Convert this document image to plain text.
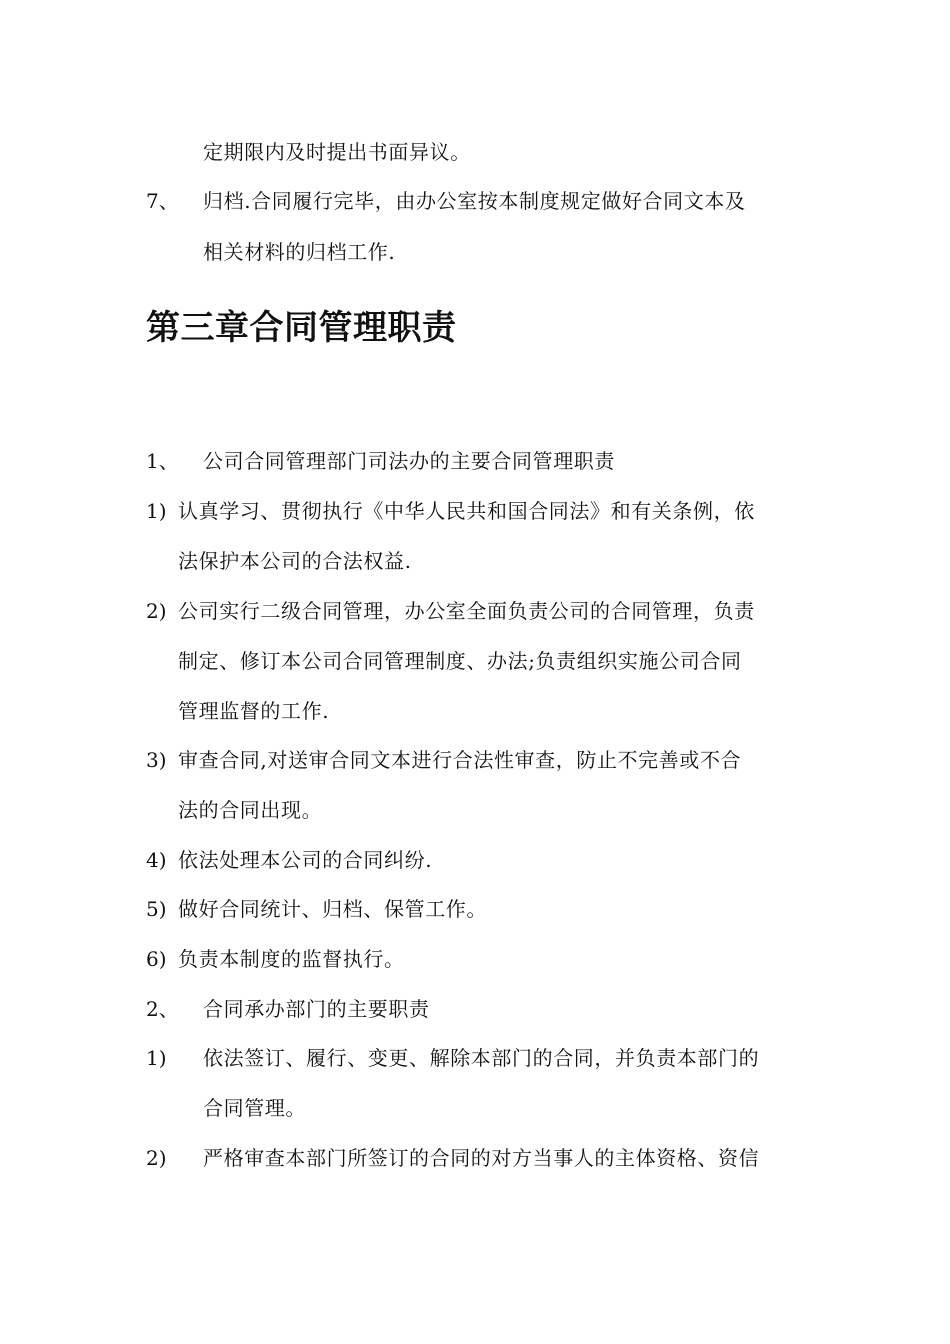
定期限内及时提出书面异议。
7、 归档.合同履行完毕，由办公室按本制度规定做好合同文本及
相关材料的归档工作.
第三章合同管理职责
1、 公司合同管理部门司法办的主要合同管理职责
1) 认真学习、贯彻执行《中华人民共和国合同法》和有关条例，依
法保护本公司的合法权益.
2) 公司实行二级合同管理，办公室全面负责公司的合同管理，负责
制定、修订本公司合同管理制度、办法;负责组织实施公司合同
管理监督的工作.
3) 审查合同,对送审合同文本进行合法性审查，防止不完善或不合
法的合同出现。
4) 依法处理本公司的合同纠纷.
5) 做好合同统计、归档、保管工作。
6) 负责本制度的监督执行。
2、 合同承办部门的主要职责
1) 依法签订、履行、变更、解除本部门的合同，并负责本部门的
合同管理。
2) 严格审查本部门所签订的合同的对方当事人的主体资格、资信
